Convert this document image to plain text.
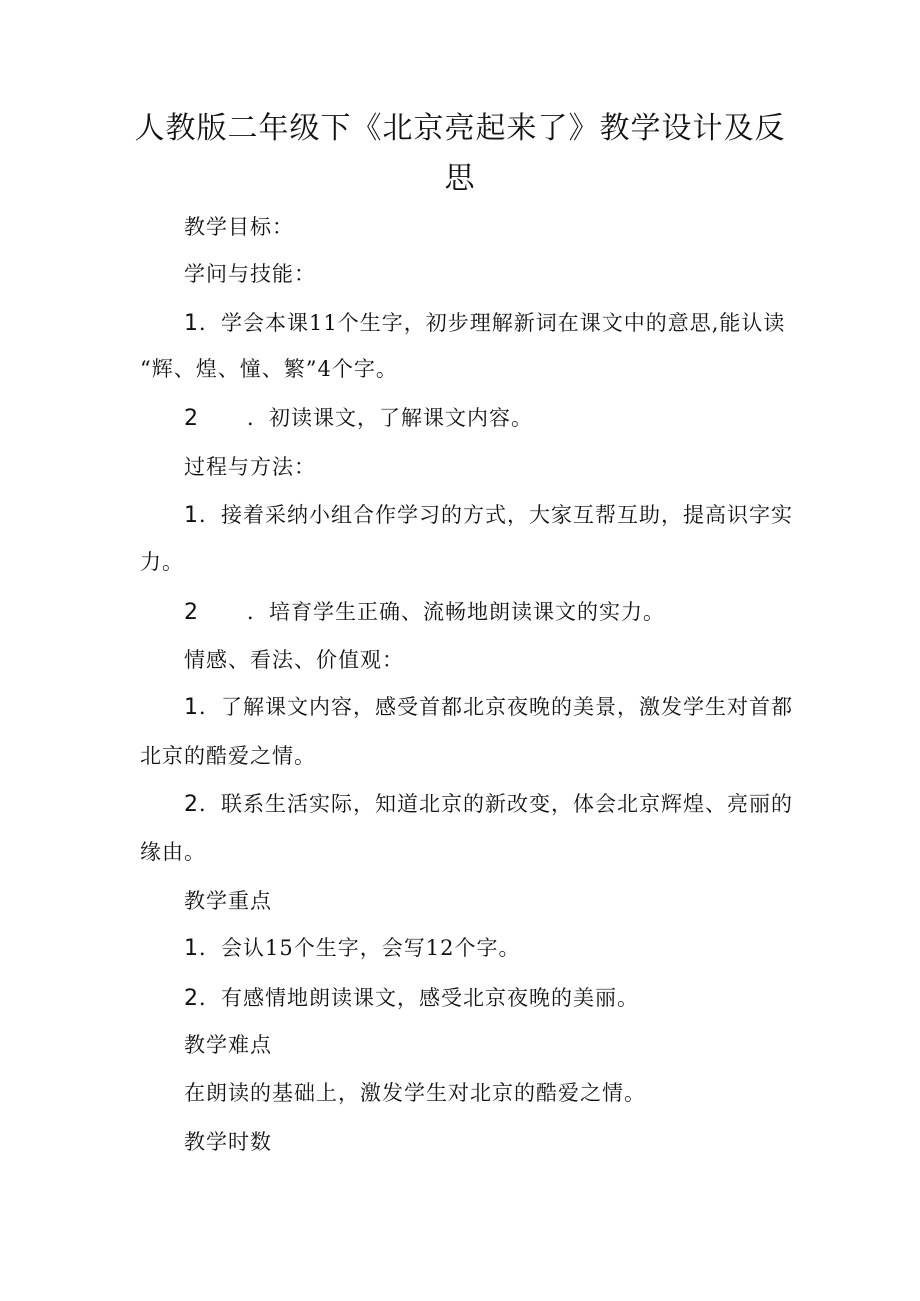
人教版二年级下《北京亮起来了》教学设计及反
思
教学目标：
学问与技能：
1．学会本课11个生字，初步理解新词在课文中的意思,能认读
“辉、煌、憧、繁”4个字。
2 ．初读课文，了解课文内容。
过程与方法：
1．接着采纳小组合作学习的方式，大家互帮互助，提高识字实
力。
2 ．培育学生正确、流畅地朗读课文的实力。
情感、看法、价值观：
1．了解课文内容，感受首都北京夜晚的美景，激发学生对首都
北京的酷爱之情。
2．联系生活实际，知道北京的新改变，体会北京辉煌、亮丽的
缘由。
教学重点
1．会认15个生字，会写12个字。
2．有感情地朗读课文，感受北京夜晚的美丽。
教学难点
在朗读的基础上，激发学生对北京的酷爱之情。
教学时数
